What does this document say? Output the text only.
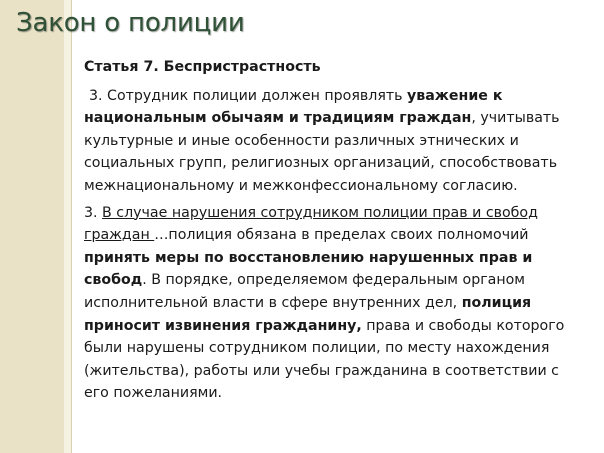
Закон о полиции

Статья 7. Беспристрастность

3. Сотрудник полиции должен проявлять уважение к национальным обычаям и традициям граждан, учитывать культурные и иные особенности различных этнических и социальных групп, религиозных организаций, способствовать межнациональному и межконфессиональному согласию.

3. В случае нарушения сотрудником полиции прав и свобод граждан …полиция обязана в пределах своих полномочий принять меры по восстановлению нарушенных прав и свобод. В порядке, определяемом федеральным органом исполнительной власти в сфере внутренних дел, полиция приносит извинения гражданину, права и свободы которого были нарушены сотрудником полиции, по месту нахождения (жительства), работы или учебы гражданина в соответствии с его пожеланиями.
